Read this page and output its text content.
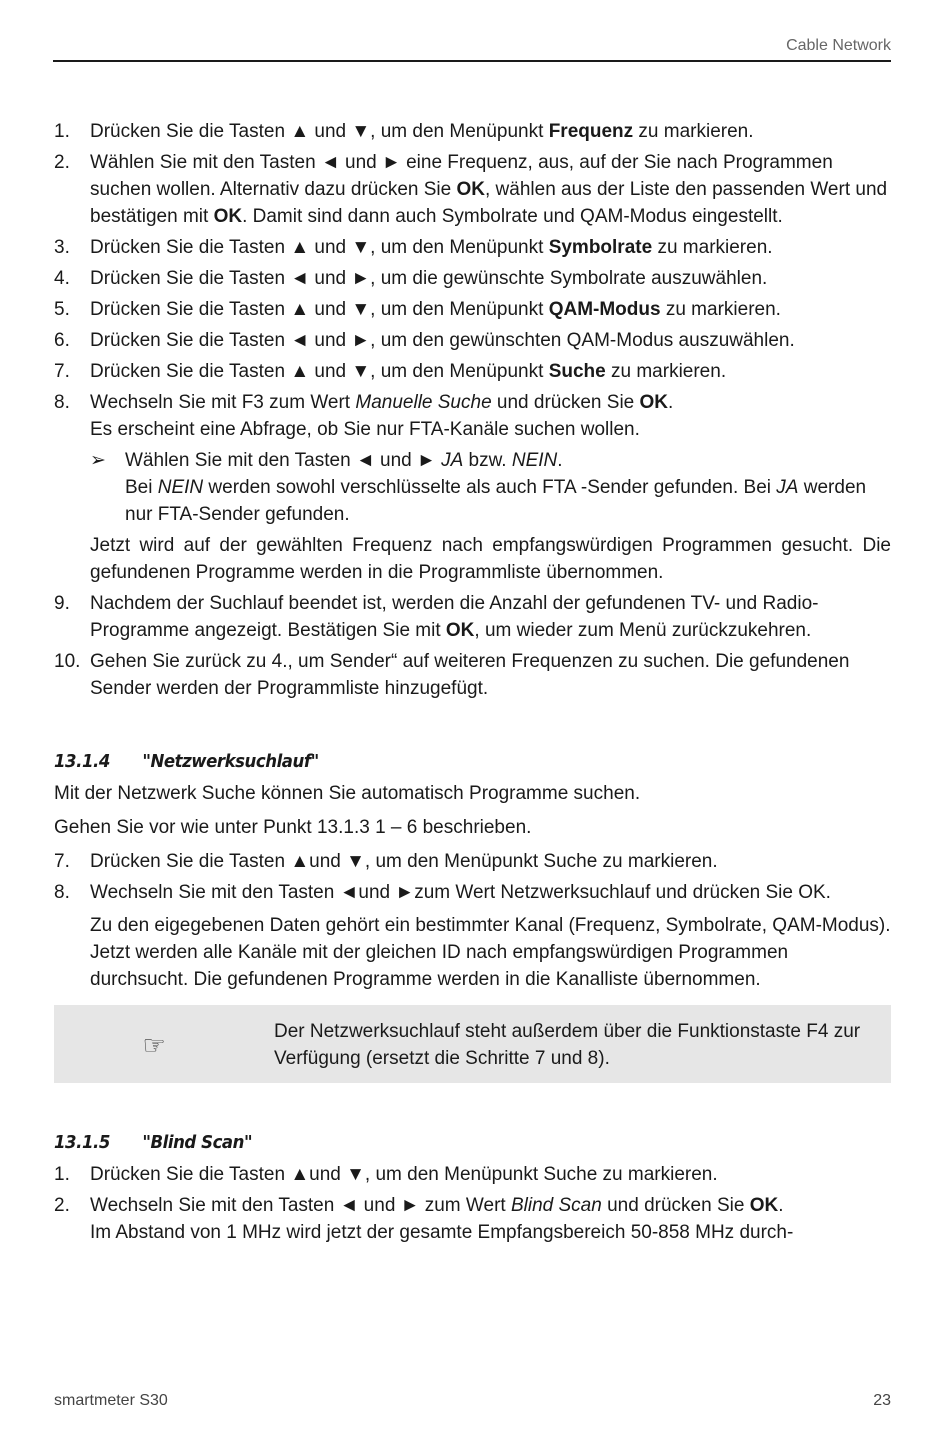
Cable Network
1.	Drücken Sie die Tasten ▲ und ▼, um den Menüpunkt Frequenz zu markieren.
2.	Wählen Sie mit den Tasten ◄ und ► eine Frequenz, aus, auf der Sie nach Programmen suchen wollen. Alternativ dazu drücken Sie OK, wählen aus der Liste den passenden Wert und bestätigen mit OK. Damit sind dann auch Symbolrate und QAM-Modus eingestellt.
3.	Drücken Sie die Tasten ▲ und ▼, um den Menüpunkt Symbolrate zu markieren.
4.	Drücken Sie die Tasten ◄ und ►, um die gewünschte Symbolrate auszuwählen.
5.	Drücken Sie die Tasten ▲ und ▼, um den Menüpunkt QAM-Modus zu markieren.
6.	Drücken Sie die Tasten ◄ und ►, um den gewünschten QAM-Modus auszuwählen.
7.	Drücken Sie die Tasten ▲ und ▼, um den Menüpunkt Suche zu markieren.
8.	Wechseln Sie mit F3 zum Wert Manuelle Suche und drücken Sie OK.

Es erscheint eine Abfrage, ob Sie nur FTA-Kanäle suchen wollen.

➢	Wählen Sie mit den Tasten ◄ und ► JA bzw. NEIN.

Bei NEIN werden sowohl verschlüsselte als auch FTA -Sender gefunden. Bei JA werden nur FTA-Sender gefunden.

Jetzt wird auf der gewählten Frequenz nach empfangswürdigen Programmen gesucht. Die gefundenen Programme werden in die Programmliste übernommen.

9.	Nachdem der Suchlauf beendet ist, werden die Anzahl der gefundenen TV- und Radio-Programme angezeigt. Bestätigen Sie mit OK, um wieder zum Menü zurückzukehren.
10. Gehen Sie zurück zu 4., um Sender“ auf weiteren Frequenzen zu suchen. Die gefundenen Sender werden der Programmliste hinzugefügt.
13.1.4	"Netzwerksuchlauf"

Mit der Netzwerk Suche können Sie automatisch Programme suchen.

Gehen Sie vor wie unter Punkt 13.1.3 1 – 6 beschrieben.

7.	Drücken Sie die Tasten ▲und ▼, um den Menüpunkt Suche zu markieren.
8.	Wechseln Sie mit den Tasten ◄und ►zum Wert Netzwerksuchlauf und drücken Sie OK.

Zu den eigegebenen Daten gehört ein bestimmter Kanal (Frequenz, Symbolrate, QAM-Modus). Jetzt werden alle Kanäle mit der gleichen ID nach empfangswürdigen Programmen durchsucht. Die gefundenen Programme werden in die Kanalliste übernommen.

☞	Der Netzwerksuchlauf steht außerdem über die Funktionstaste F4 zur Verfügung (ersetzt die Schritte 7 und 8).
13.1.5	"Blind Scan"
1.	Drücken Sie die Tasten ▲und ▼, um den Menüpunkt Suche zu markieren.
2.	Wechseln Sie mit den Tasten ◄ und ► zum Wert Blind Scan und drücken Sie OK.

Im Abstand von 1 MHz wird jetzt der gesamte Empfangsbereich 50-858 MHz durch-

smartmeter S30	23
